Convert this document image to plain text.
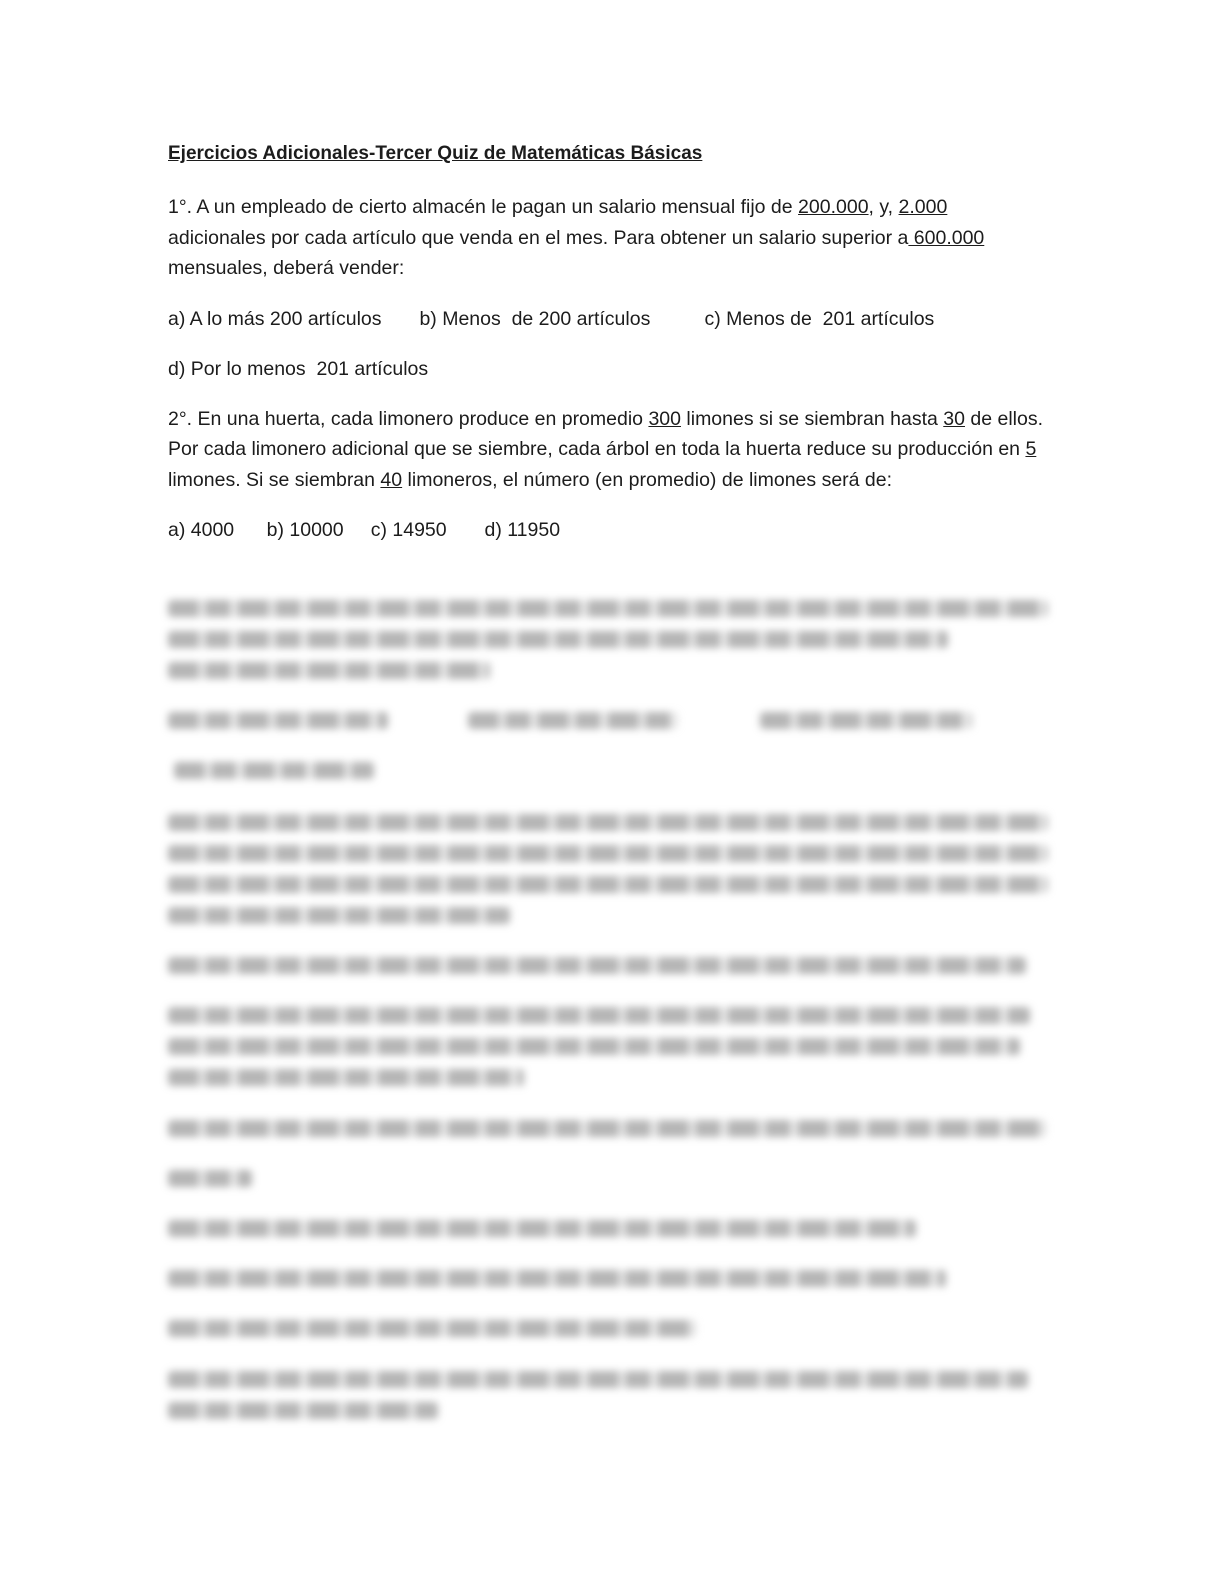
Ejercicios Adicionales-Tercer Quiz de Matemáticas Básicas
1°. A un empleado de cierto almacén le pagan un salario mensual fijo de 200.000, y, 2.000 adicionales por cada artículo que venda en el mes. Para obtener un salario superior a 600.000 mensuales, deberá vender:
a) A lo más 200 artículos       b) Menos  de 200 artículos          c) Menos de  201 artículos
d) Por lo menos  201 artículos
2°. En una huerta, cada limonero produce en promedio 300 limones si se siembran hasta 30 de ellos. Por cada limonero adicional que se siembre, cada árbol en toda la huerta reduce su producción en 5 limones. Si se siembran 40 limoneros, el número (en promedio) de limones será de:
a) 4000      b) 10000     c) 14950       d) 11950
